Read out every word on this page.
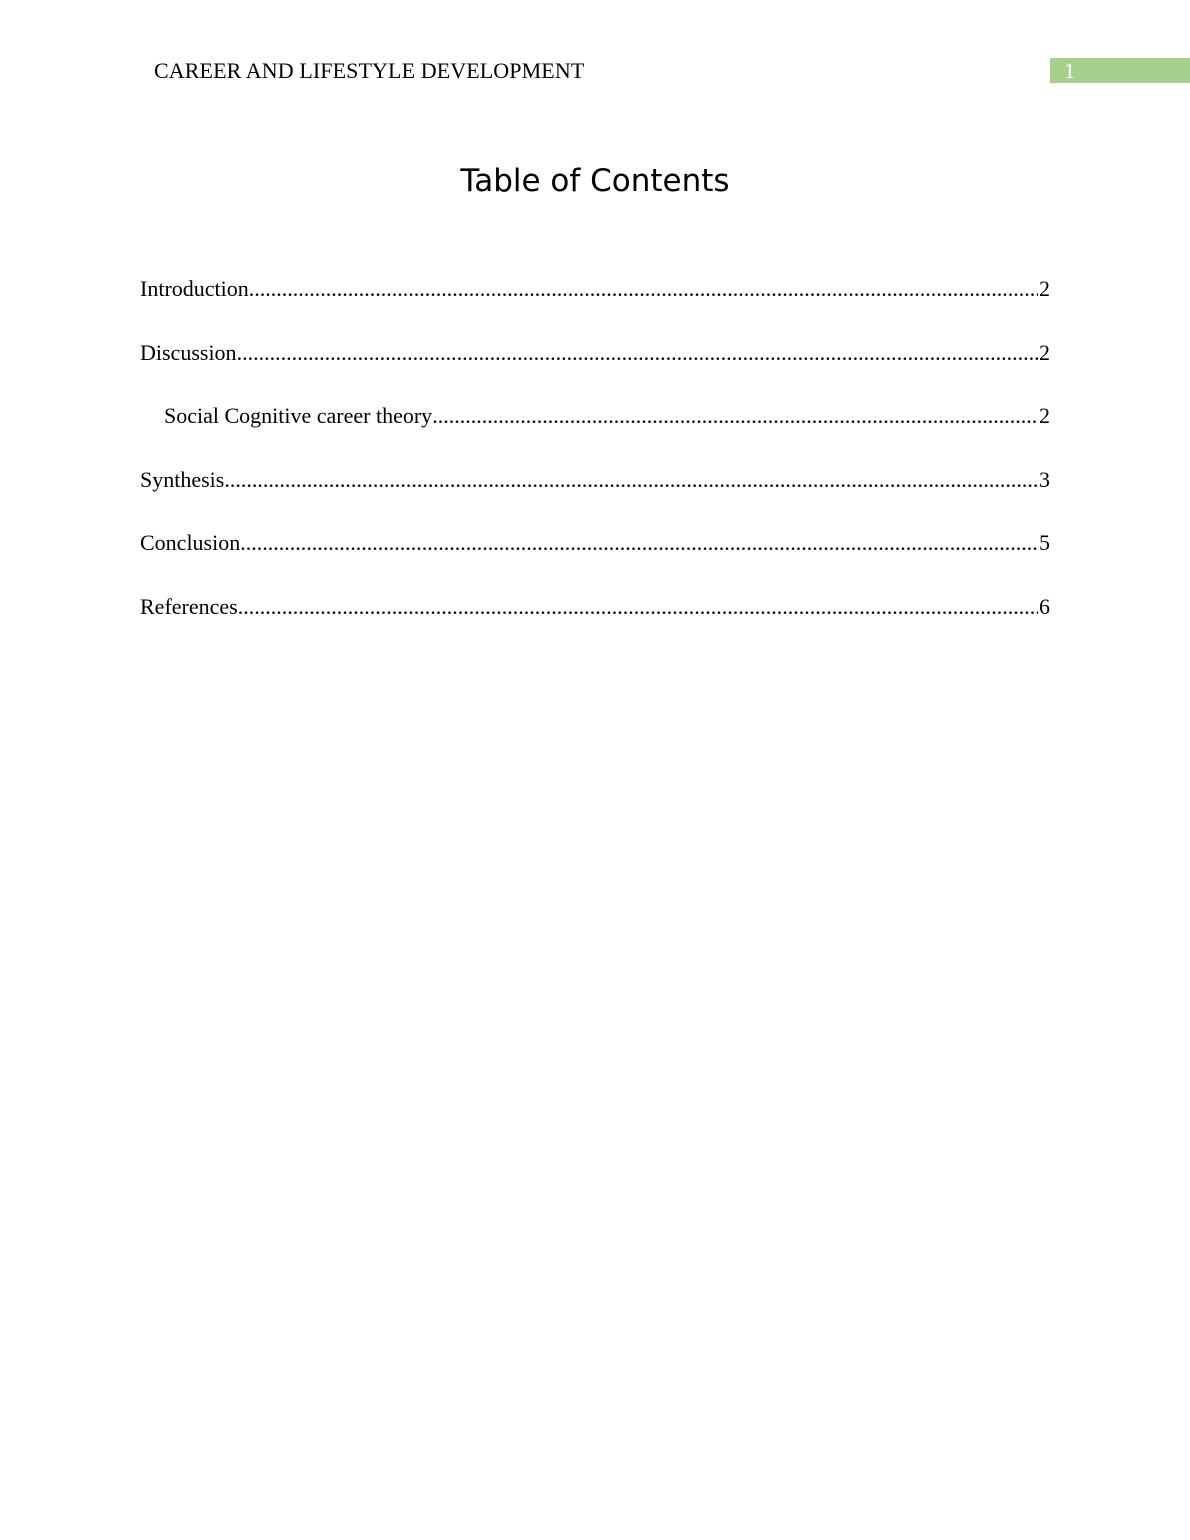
CAREER AND LIFESTYLE DEVELOPMENT	1
Table of Contents
Introduction .....	2
Discussion .....	2
Social Cognitive career theory .....	2
Synthesis .....	3
Conclusion .....	5
References .....	6
